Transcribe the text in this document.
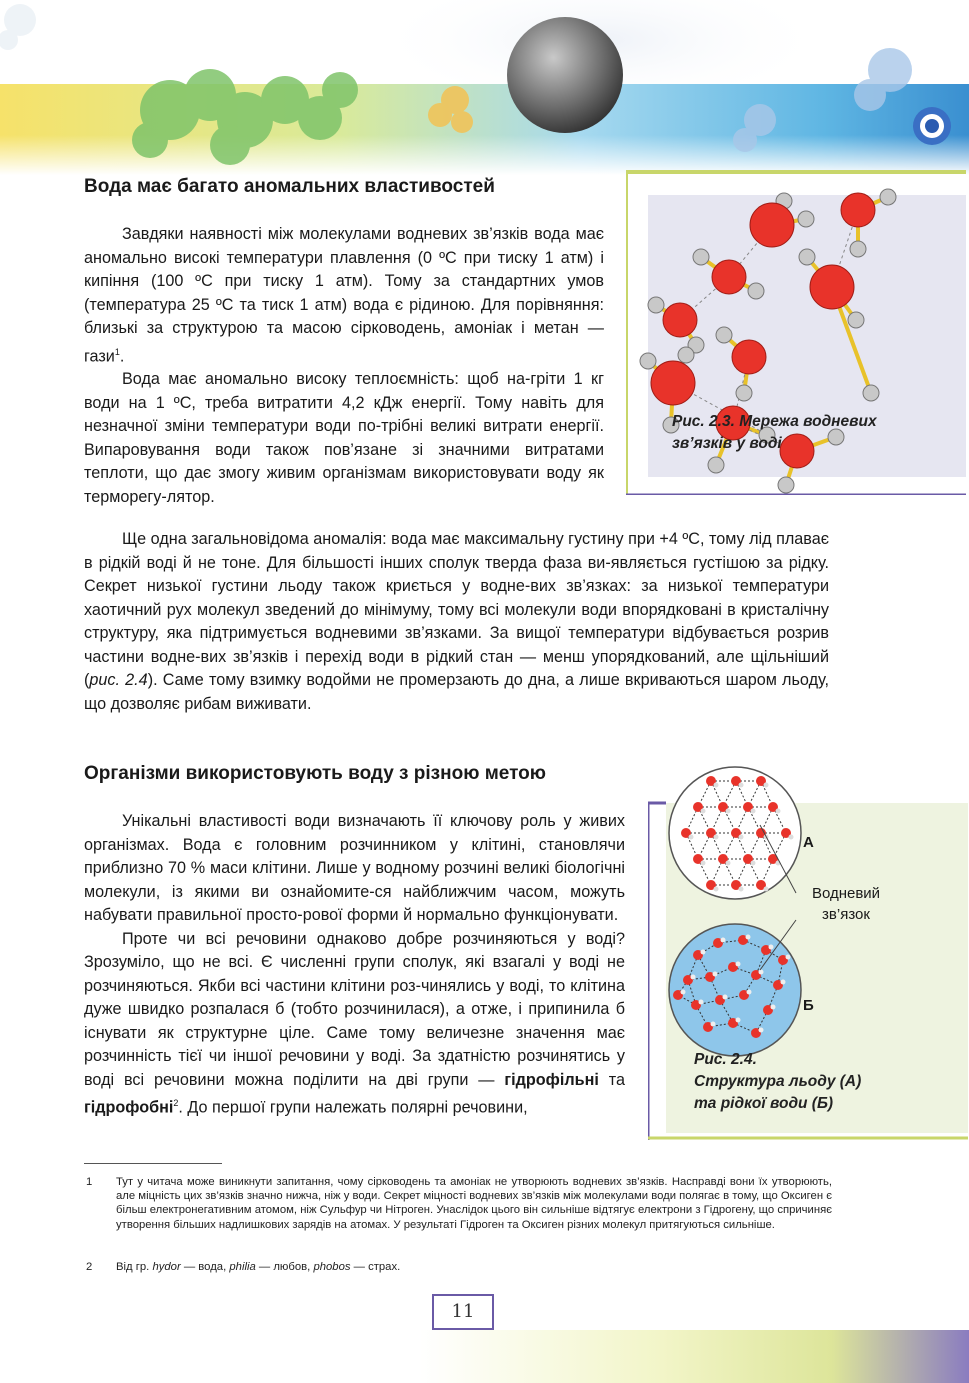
Вода має багато аномальних властивостей

Завдяки наявності між молекулами водневих зв’язків вода має аномально високі температури плавлення (0 ºС при тиску 1 атм) і кипіння (100 ºС при тиску 1 атм). Тому за стандартних умов (температура 25 ºС та тиск 1 атм) вода є рідиною. Для порівняння: близькі за структурою та масою сірководень, амоніак і метан — гази$^1$.

Вода має аномально високу теплоємність: щоб на-гріти 1 кг води на 1 ºС, треба витратити 4,2 кДж енергії. Тому навіть для незначної зміни температури води по-трібні великі витрати енергії. Випаровування води також пов’язане зі значними витратами теплоти, що дає змогу живим організмам використовувати воду як терморегу-лятор.

Ще одна загальновідома аномалія: вода має максимальну густину при +4 ºС, тому лід плаває в рідкій воді й не тоне. Для більшості інших сполук тверда фаза ви-являється густішою за рідку. Секрет низької густини льоду також криється у водне-вих зв’язках: за низької температури хаотичний рух молекул зведений до мінімуму, тому всі молекули води впорядковані в кристалічну структуру, яка підтримується водневими зв’язками. За вищої температури відбувається розрив частини водне-вих зв’язків і перехід води в рідкий стан — менш упорядкований, але щільніший (рис. 2.4). Саме тому взимку водойми не промерзають до дна, а лише вкриваються шаром льоду, що дозволяє рибам виживати.

Рис. 2.3. Мережа водневих зв’язків у воді
Організми використовують воду з різною метою

Унікальні властивості води визначають її ключову роль у живих організмах. Вода є головним розчинником у клітині, становлячи приблизно 70 % маси клітини. Лише у водному розчині великі біологічні молекули, із якими ви ознайомите-ся найближчим часом, можуть набувати правильної просто-рової форми й нормально функціонувати.

Проте чи всі речовини однаково добре розчиняються у воді? Зрозуміло, що не всі. Є численні групи сполук, які взагалі у воді не розчиняються. Якби всі частини клітини роз-чинялись у воді, то клітина дуже швидко розпалася б (тобто розчинилася), а отже, і припинила б існувати як структурне ціле. Саме тому величезне значення має розчинність тієї чи іншої речовини у воді. За здатністю розчинятись у воді всі речовини можна поділити на дві групи — гідрофільні та гідрофобні$^2$. До першої групи належать полярні речовини,

А
Водневий
зв’язок
Б
Рис. 2.4.
Структура льоду (А)
та рідкої води (Б)
1 Тут у читача може виникнути запитання, чому сірководень та амоніак не утворюють водневих зв’язків. Насправді вони їх утворюють, але міцність цих зв’язків значно нижча, ніж у води. Секрет міцності водневих зв’язків між молекулами води полягає в тому, що Оксиген є більш електронегативним атомом, ніж Сульфур чи Нітроген. Унаслідок цього він сильніше відтягує електрони з Гідрогену, що спричиняє утворення більших надлишкових зарядів на атомах. У результаті Гідроген та Оксиген різних молекул притягуються сильніше.
2 Від гр. hydor — вода, philia — любов, phobos — страх.
11
